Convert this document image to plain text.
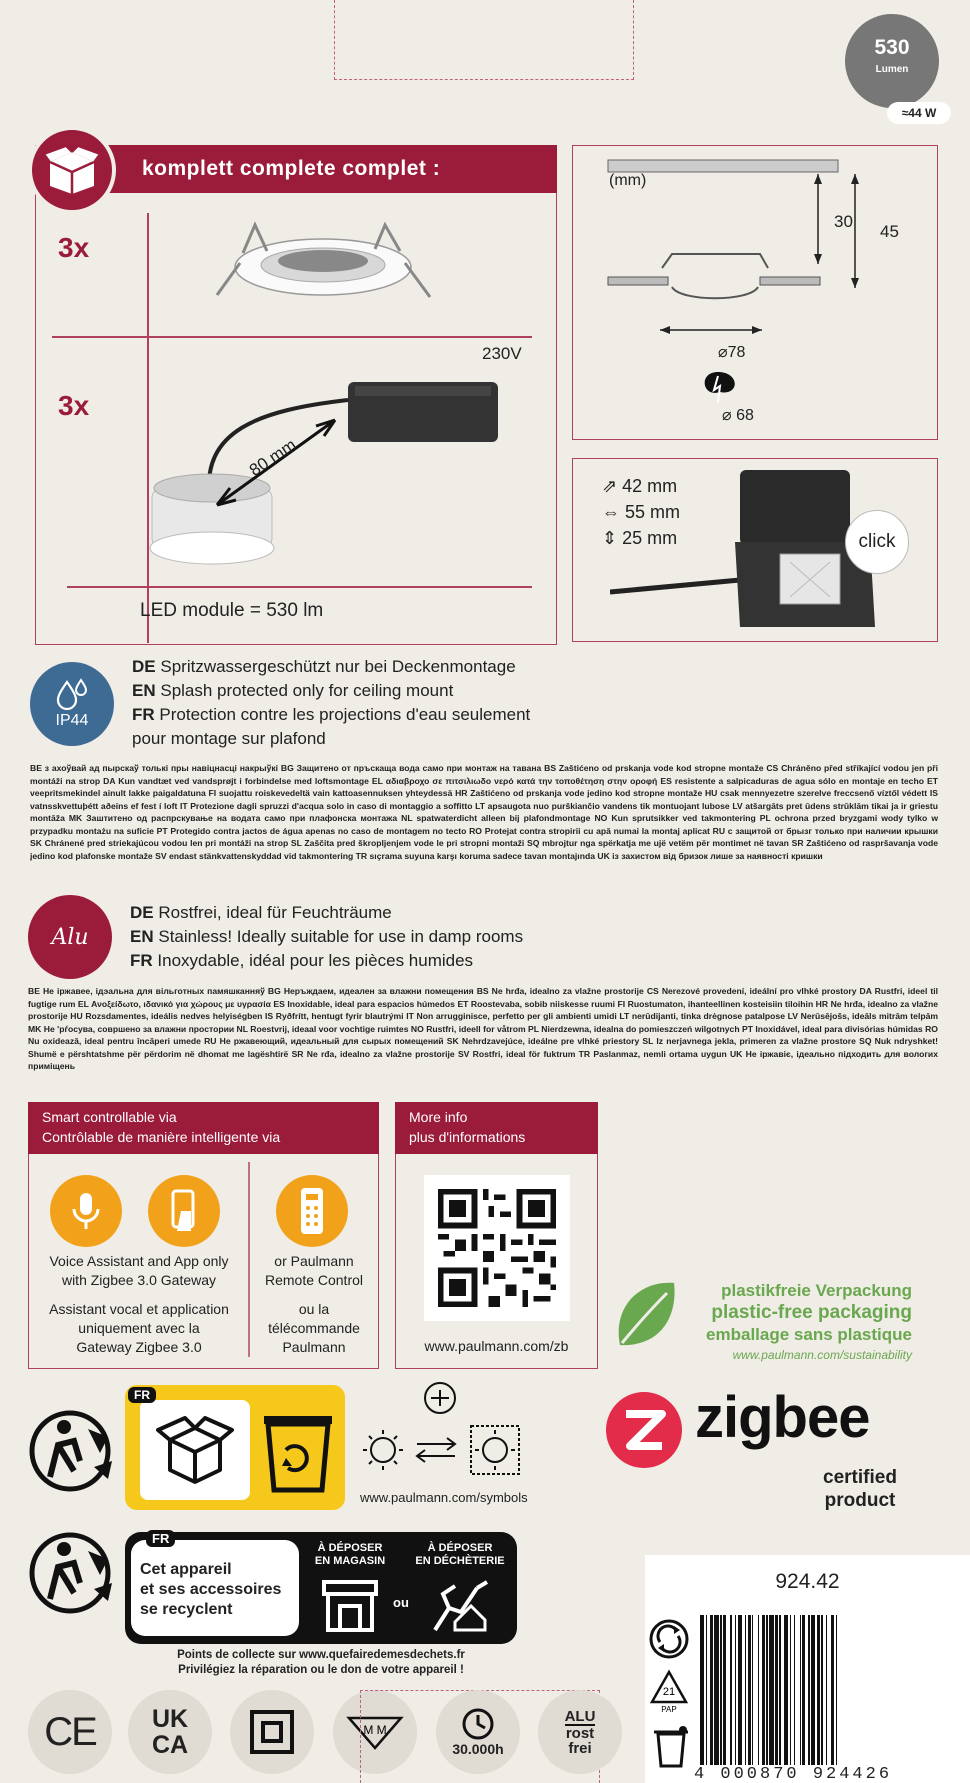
530
Lumen
≈44 W
komplett complete complet :
3x
3x
230V
80 mm
LED module = 530 lm
(mm)
30
45
⌀78
⌀ 68
⇗ 42 mm
⇔ 55 mm
⇕ 25 mm	click
IP44
DE Spritzwassergeschützt nur bei Deckenmontage
EN Splash protected only for ceiling mount
FR Protection contre les projections d'eau seulement
pour montage sur plafond
BE з ахоўвай ад пырскаў толькі пры навіцнасці накрыўкі BG Защитено от пръскаща вода само при монтаж на тавана BS Zaštićeno od prskanja vode kod stropne montaže CS Chráněno před stříkající vodou jen při montáži na strop DA Kun vandtæt ved vandsprøjt i forbindelse med loftsmontage EL αδιαβροχο σε πιτσιλιωδο νερό κατά την τοποθέτηση στην οροφή ES resistente a salpicaduras de agua sólo en montaje en techo ET veepritsmekindel ainult lakke paigaldatuna FI suojattu roiskevedeltä vain kattoasennuksen yhteydessä HR Zaštićeno od prskanja vode jedino kod stropne montaže HU csak mennyezetre szerelve freccsenő víztől védett IS vatnsskvettuþétt aðeins ef fest í loft IT Protezione dagli spruzzi d'acqua solo in caso di montaggio a soffitto LT apsaugota nuo purškiančio vandens tik montuojant lubose LV atšargāts pret ūdens strūklām tikai ja ir griestu montāža MK Заштитено од распрскување на водата само при плафонска монтажа NL spatwaterdicht alleen bij plafondmontage NO Kun sprutsikker ved takmontering PL ochrona przed bryzgami wody tylko w przypadku montażu na suficie PT Protegido contra jactos de água apenas no caso de montagem no tecto RO Protejat contra stropirii cu apă numai la montaj aplicat RU с защитой от брызг только при наличии крышки SK Chránené pred striekajúcou vodou len pri montáži na strop SL Zaščita pred škropljenjem vode le pri stropni montaži SQ mbrojtur nga spërkatja me ujë vetëm për montimet në tavan SR Zaštićeno od raspršavanja vode jedino kod plafonske montaže SV endast stänkvattenskyddad vid takmontering TR sıçrama suyuna karşı koruma sadece tavan montajında UK із захистом від бризок лише за наявності кришки
Alu
DE Rostfrei, ideal für Feuchträume
EN Stainless! Ideally suitable for use in damp rooms
FR Inoxydable, idéal pour les pièces humides
BE Не іржавее, ідэальна для вільготных памяшканняў BG Неръждаем, идеален за влажни помещения BS Ne hrđa, idealno za vlažne prostorije CS Nerezové provedení, ideální pro vlhké prostory DA Rustfri, ideel til fugtige rum EL Ανοξείδωτο, ιδανικό για χώρους με υγρασία ES Inoxidable, ideal para espacios húmedos ET Roostevaba, sobib niiskesse ruumi FI Ruostumaton, ihanteellinen kosteisiin tiloihin HR Ne hrđa, idealno za vlažne prostorije HU Rozsdamentes, ideális nedves helyiségben IS Ryðfrítt, hentugt fyrir blautrými IT Non arrugginisce, perfetto per gli ambienti umidi LT nerūdijanti, tinka drėgnose patalpose LV Nerūsējošs, ideāls mitrām telpām MK Не 'рѓосува, совршено за влажни простории NL Roestvrij, ideaal voor vochtige ruimtes NO Rustfri, ideell for våtrom PL Nierdzewna, idealna do pomieszczeń wilgotnych PT Inoxidável, ideal para divisórias húmidas RO Nu oxidează, ideal pentru încăperi umede RU Не ржавеющий, идеальный для сырых помещений SK Nehrdzavejúce, ideálne pre vlhké priestory SL Iz nerjavnega jekla, primeren za vlažne prostore SQ Nuk ndryshket! Shumë e përshtatshme për përdorim në dhomat me lagështirë SR Ne rđa, idealno za vlažne prostorije SV Rostfri, ideal för fuktrum TR Paslanmaz, nemli ortama uygun UK Не іржавіє, ідеально підходить для вологих приміщень
Smart controllable via
Contrôlable de manière intelligente via
Voice Assistant and App only
with Zigbee 3.0 Gateway
Assistant vocal et application
uniquement avec la
Gateway Zigbee 3.0
or Paulmann
Remote Control
ou la
télécommande
Paulmann
More info
plus d'informations
www.paulmann.com/zb
plastikfreie Verpackung
plastic-free packaging
emballage sans plastique
www.paulmann.com/sustainability
zigbee
certified
product
FR
www.paulmann.com/symbols
FR
Cet appareil
et ses accessoires
se recyclent
À DÉPOSER
EN MAGASIN
À DÉPOSER
EN DÉCHÈTERIE
ou
Points de collecte sur www.quefairedemesdechets.fr
Privilégiez la réparation ou le don de votre appareil !
924.42
21
PAP
4 000870 924426
CE UK
CA
M M
30.000h
ALU
rost
frei
